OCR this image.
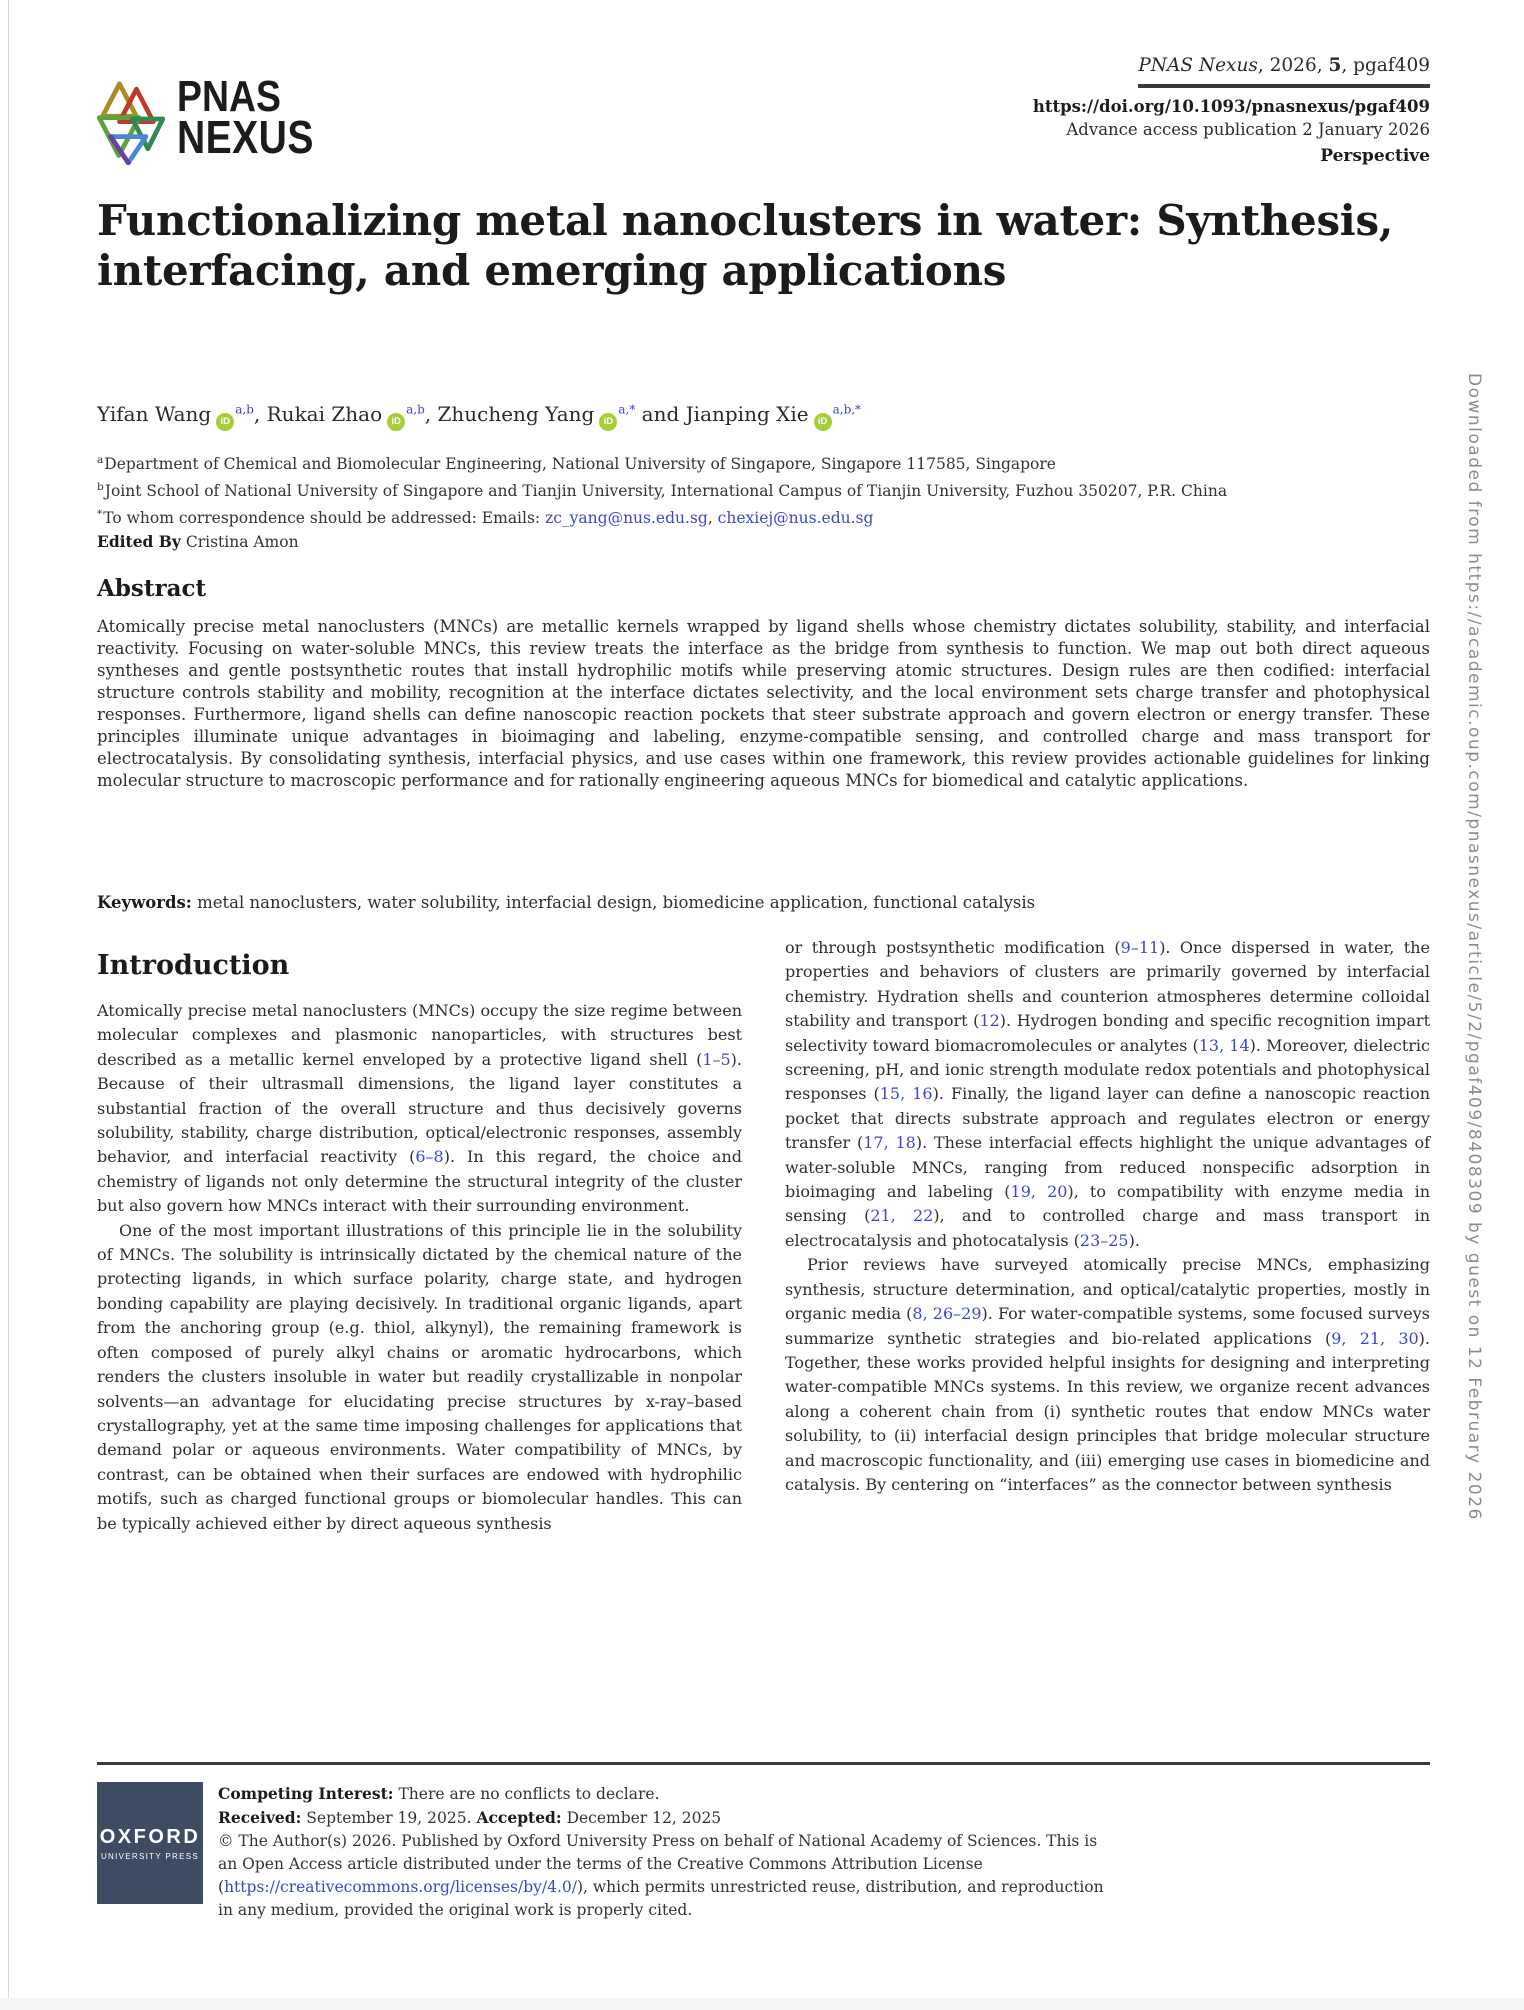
PNAS
NEXUS
PNAS Nexus, 2026, 5, pgaf409
https://doi.org/10.1093/pnasnexus/pgaf409
Advance access publication 2 January 2026
Perspective
Functionalizing metal nanoclusters in water: Synthesis,
interfacing, and emerging applications
Yifan Wang iD$^{a,b}$, Rukai Zhao iD$^{a,b}$, Zhucheng Yang $iD^{a,*}$ and Jianping Xie $iD^{a,b,*}$
$^a$Department of Chemical and Biomolecular Engineering, National University of Singapore, Singapore 117585, Singapore
$^b$Joint School of National University of Singapore and Tianjin University, International Campus of Tianjin University, Fuzhou 350207, P.R. China
*To whom correspondence should be addressed: Emails: zc_yang@nus.edu.sg, chexiej@nus.edu.sg
Edited By Cristina Amon
Abstract

Atomically precise metal nanoclusters (MNCs) are metallic kernels wrapped by ligand shells whose chemistry dictates solubility, stability, and interfacial reactivity. Focusing on water-soluble MNCs, this review treats the interface as the bridge from synthesis to function. We map out both direct aqueous syntheses and gentle postsynthetic routes that install hydrophilic motifs while preserving atomic structures. Design rules are then codified: interfacial structure controls stability and mobility, recognition at the interface dictates selectivity, and the local environment sets charge transfer and photophysical responses. Furthermore, ligand shells can define nanoscopic reaction pockets that steer substrate approach and govern electron or energy transfer. These principles illuminate unique advantages in bioimaging and labeling, enzyme-compatible sensing, and controlled charge and mass transport for electrocatalysis. By consolidating synthesis, interfacial physics, and use cases within one framework, this review provides actionable guidelines for linking molecular structure to macroscopic performance and for rationally engineering aqueous MNCs for biomedical and catalytic applications.

Keywords: metal nanoclusters, water solubility, interfacial design, biomedicine application, functional catalysis
Introduction

Atomically precise metal nanoclusters (MNCs) occupy the size regime between molecular complexes and plasmonic nanoparticles, with structures best described as a metallic kernel enveloped by a protective ligand shell (1–5). Because of their ultrasmall dimensions, the ligand layer constitutes a substantial fraction of the overall structure and thus decisively governs solubility, stability, charge distribution, optical/electronic responses, assembly behavior, and interfacial reactivity (6–8). In this regard, the choice and chemistry of ligands not only determine the structural integrity of the cluster but also govern how MNCs interact with their surrounding environment.

One of the most important illustrations of this principle lie in the solubility of MNCs. The solubility is intrinsically dictated by the chemical nature of the protecting ligands, in which surface polarity, charge state, and hydrogen bonding capability are playing decisively. In traditional organic ligands, apart from the anchoring group (e.g. thiol, alkynyl), the remaining framework is often composed of purely alkyl chains or aromatic hydrocarbons, which renders the clusters insoluble in water but readily crystallizable in nonpolar solvents—an advantage for elucidating precise structures by x-ray–based crystallography, yet at the same time imposing challenges for applications that demand polar or aqueous environments. Water compatibility of MNCs, by contrast, can be obtained when their surfaces are endowed with hydrophilic motifs, such as charged functional groups or biomolecular handles. This can be typically achieved either by direct aqueous synthesis

or through postsynthetic modification (9–11). Once dispersed in water, the properties and behaviors of clusters are primarily governed by interfacial chemistry. Hydration shells and counterion atmospheres determine colloidal stability and transport (12). Hydrogen bonding and specific recognition impart selectivity toward biomacromolecules or analytes (13, 14). Moreover, dielectric screening, pH, and ionic strength modulate redox potentials and photophysical responses (15, 16). Finally, the ligand layer can define a nanoscopic reaction pocket that directs substrate approach and regulates electron or energy transfer (17, 18). These interfacial effects highlight the unique advantages of water-soluble MNCs, ranging from reduced nonspecific adsorption in bioimaging and labeling (19, 20), to compatibility with enzyme media in sensing (21, 22), and to controlled charge and mass transport in electrocatalysis and photocatalysis (23–25).

Prior reviews have surveyed atomically precise MNCs, emphasizing synthesis, structure determination, and optical/catalytic properties, mostly in organic media (8, 26–29). For water-compatible systems, some focused surveys summarize synthetic strategies and bio-related applications (9, 21, 30). Together, these works provided helpful insights for designing and interpreting water-compatible MNCs systems. In this review, we organize recent advances along a coherent chain from (i) synthetic routes that endow MNCs water solubility, to (ii) interfacial design principles that bridge molecular structure and macroscopic functionality, and (iii) emerging use cases in biomedicine and catalysis. By centering on “interfaces” as the connector between synthesis

OXFORD
UNIVERSITY PRESS
Competing Interest: There are no conflicts to declare.
Received: September 19, 2025. Accepted: December 12, 2025
© The Author(s) 2026. Published by Oxford University Press on behalf of National Academy of Sciences. This is an Open Access article distributed under the terms of the Creative Commons Attribution License (https://creativecommons.org/licenses/by/4.0/), which permits unrestricted reuse, distribution, and reproduction in any medium, provided the original work is properly cited.
Downloaded from https://academic.oup.com/pnasnexus/article/5/2/pgaf409/8408309 by guest on 12 February 2026
